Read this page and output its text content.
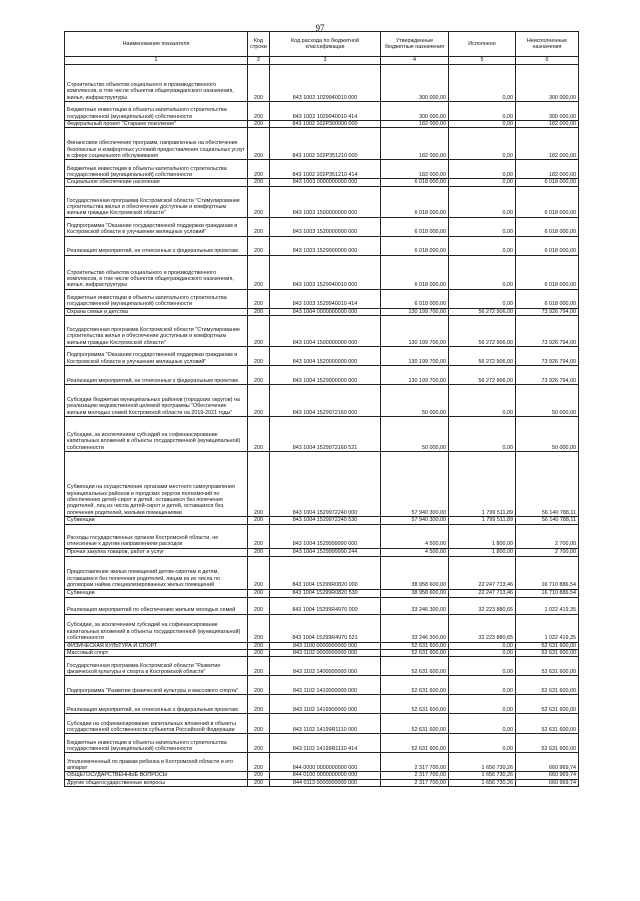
97
Наименование показателя	Код строки	Код расхода по бюджетной классификации	Утвержденные бюджетные назначения	Исполнено	Неисполненные назначения
1	2	3	4	5	6
Строительство объектов социального и производственного комплексов, в том числе объектов общегражданского назначения, жилья, инфраструктуры	200	843 1002 1029940010 000	300 000,00	0,00	300 000,00
Бюджетные инвестиции в объекты капитального строительства государственной (муниципальной) собственности	200	843 1002 1029940010 414	300 000,00	0,00	300 000,00
Федеральный проект "Старшее поколение"	200	843 1002 102P300000 000	182 000,00	0,00	182 000,00
Финансовое обеспечение программ, направленных на обеспечение безопасных и комфортных условий предоставления социальных услуг в сфере социального обслуживания	200	843 1002 102P351210 000	182 000,00	0,00	182 000,00
Бюджетные инвестиции в объекты капитального строительства государственной (муниципальной) собственности	200	843 1002 102P351210 414	182 000,00	0,00	182 000,00
Социальное обеспечение населения	200	843 1003 0000000000 000	6 018 000,00	0,00	6 018 000,00
Государственная программа Костромской области "Стимулирование строительства жилья и обеспечение доступным и комфортным жильем граждан Костромской области"	200	843 1003 1500000000 000	6 018 000,00	0,00	6 018 000,00
Подпрограмма "Оказание государственной поддержки гражданам в Костромской области в улучшении жилищных условий"	200	843 1003 1520000000 000	6 018 000,00	0,00	6 018 000,00
Реализация мероприятий, не отнесенных к федеральным проектам	200	843 1003 1529900000 000	6 018 000,00	0,00	6 018 000,00
Строительство объектов социального и производственного комплексов, в том числе объектов общегражданского назначения, жилья, инфраструктуры	200	843 1003 1529940010 000	6 018 000,00	0,00	6 018 000,00
Бюджетные инвестиции в объекты капитального строительства государственной (муниципальной) собственности	200	843 1003 1529940010 414	6 018 000,00	0,00	6 018 000,00
Охрана семьи и детства	200	843 1004 0000000000 000	130 199 700,00	56 272 906,00	73 926 794,00
Государственная программа Костромской области "Стимулирование строительства жилья и обеспечение доступным и комфортным жильем граждан Костромской области"	200	843 1004 1500000000 000	130 199 700,00	56 272 906,00	73 926 794,00
Подпрограмма "Оказание государственной поддержки гражданам в Костромской области в улучшении жилищных условий"	200	843 1004 1520000000 000	130 199 700,00	56 272 906,00	73 926 794,00
Реализация мероприятий, не отнесенных к федеральным проектам	200	843 1004 1529900000 000	130 199 700,00	56 272 906,00	73 926 794,00
Субсидии бюджетам муниципальных районов (городских округов) на реализацию ведомственной целевой программы "Обеспечение жильем молодых семей Костромской области на 2019-2021 годы"	200	843 1004 1529972160 000	50 000,00	0,00	50 000,00
Субсидии, за исключением субсидий на софинансирование капитальных вложений в объекты государственной (муниципальной) собственности	200	843 1004 1529972160 521	50 000,00	0,00	50 000,00
Субвенции на осуществление органами местного самоуправления муниципальных районов и городских округов полномочий по обеспечению детей-сирот и детей, оставшихся без попечения родителей, лиц из числа детей-сирот и детей, оставшихся без попечения родителей, жилыми помещениями	200	843 1004 1529972240 000	57 940 300,00	1 799 511,89	56 140 788,11
Субвенции	200	843 1004 1529972240 530	57 940 300,00	1 799 511,89	56 140 788,11
Расходы государственных органов Костромской области, не отнесенные к другим направлениям расходов	200	843 1004 1529999990 000	4 500,00	1 800,00	2 700,00
Прочая закупка товаров, работ и услуг	200	843 1004 1529999990 244	4 500,00	1 800,00	2 700,00
Предоставление жилых помещений детям-сиротам и детям, оставшимся без попечения родителей, лицам из их числа по договорам найма специализированных жилых помещений	200	843 1004 15299R0820 000	38 958 600,00	22 247 713,46	16 710 886,54
Субвенции	200	843 1004 15299R0820 530	38 958 600,00	22 247 713,46	16 710 886,54
Реализация мероприятий по обеспечению жильем молодых семей	200	843 1004 15299R4970 000	33 246 300,00	32 223 880,65	1 022 419,35
Субсидии, за исключением субсидий на софинансирование капитальных вложений в объекты государственной (муниципальной) собственности	200	843 1004 15299R4970 521	33 246 300,00	32 223 880,65	1 022 419,35
ФИЗИЧЕСКАЯ КУЛЬТУРА И СПОРТ	200	843 1100 0000000000 000	52 631 600,00	0,00	52 631 600,00
Массовый спорт	200	843 1102 0000000000 000	52 631 600,00	0,00	52 631 600,00
Государственная программа Костромской области "Развитие физической культуры и спорта в Костромской области"	200	843 1102 1400000000 000	52 631 600,00	0,00	52 631 600,00
Подпрограмма "Развитие физической культуры и массового спорта"	200	843 1102 1410000000 000	52 631 600,00	0,00	52 631 600,00
Реализация мероприятий, не отнесенных к федеральным проектам	200	843 1102 1419900000 000	52 631 600,00	0,00	52 631 600,00
Субсидии на софинансирование капитальных вложений в объекты государственной собственности субъектов Российской Федерации	200	843 1102 14199R1110 000	52 631 600,00	0,00	52 631 600,00
Бюджетные инвестиции в объекты капитального строительства государственной (муниципальной) собственности	200	843 1102 14199R1110 414	52 631 600,00	0,00	52 631 600,00
Уполномоченный по правам ребенка в Костромской области и его аппарат	200	844 0000 0000000000 000	2 317 700,00	1 656 730,26	660 969,74
ОБЩЕГОСУДАРСТВЕННЫЕ ВОПРОСЫ	200	844 0100 0000000000 000	2 317 700,00	1 656 730,26	660 969,74
Другие общегосударственные вопросы	200	844 0113 0000000000 000	2 317 700,00	1 656 730,26	660 969,74
